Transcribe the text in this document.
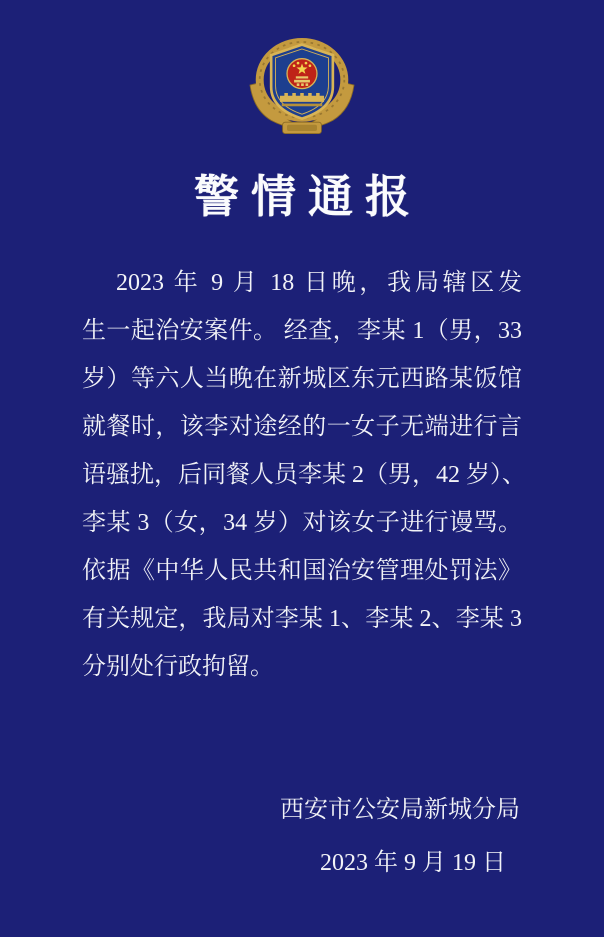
警情通报

2023 年 9 月 18 日晚，我局辖区发

生一起治安案件。 经查，李某 1（男，33

岁）等六人当晚在新城区东元西路某饭馆

就餐时，该李对途经的一女子无端进行言

语骚扰，后同餐人员李某 2（男，42 岁）、

李某 3（女，34 岁）对该女子进行谩骂。

依据《中华人民共和国治安管理处罚法》

有关规定，我局对李某 1、李某 2、李某 3

分别处行政拘留。

西安市公安局新城分局

2023 年 9 月 19 日
